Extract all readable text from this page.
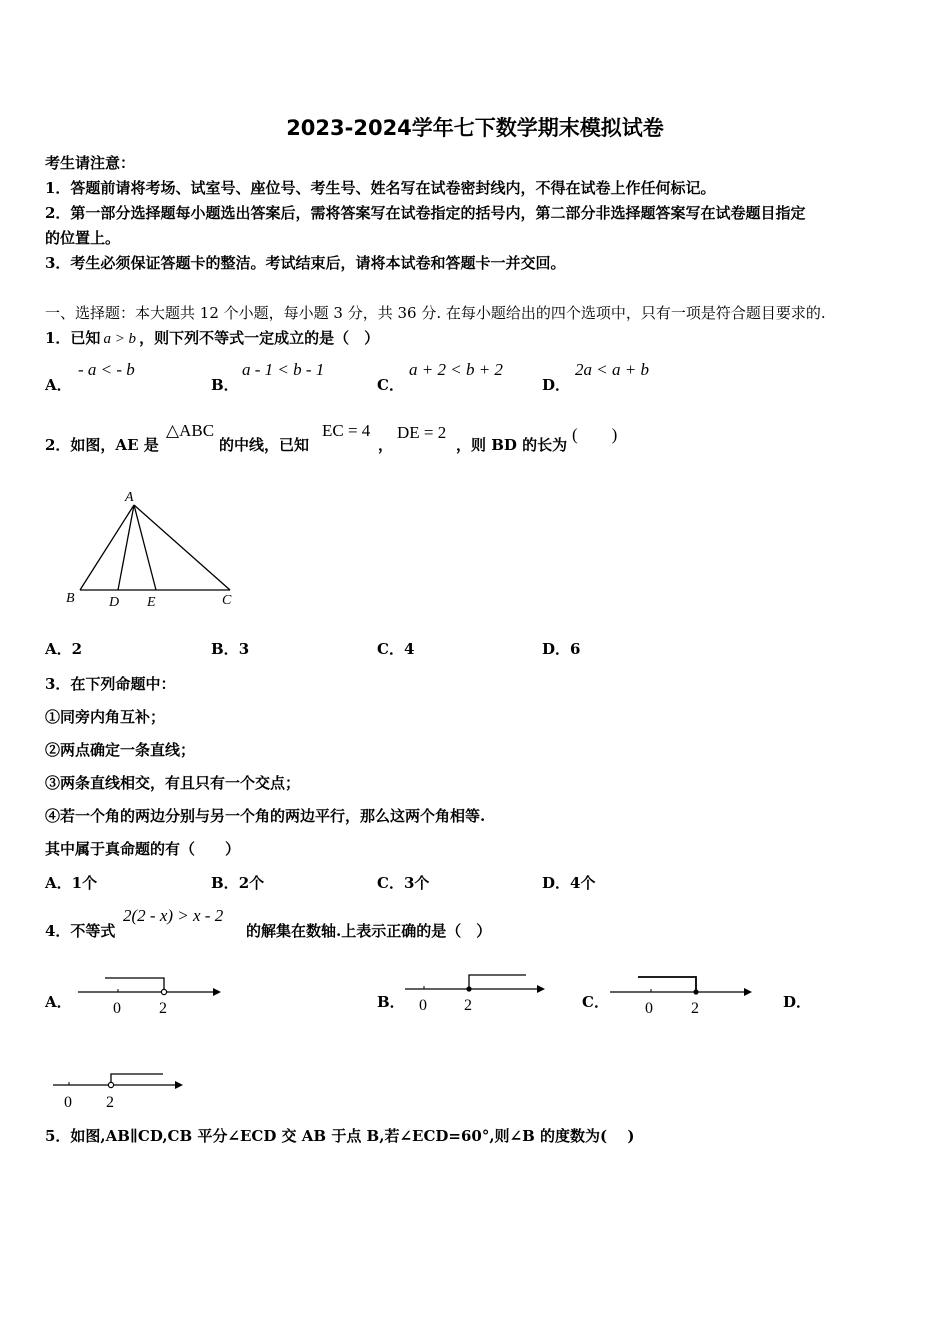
2023-2024学年七下数学期末模拟试卷
考生请注意：
1．答题前请将考场、试室号、座位号、考生号、姓名写在试卷密封线内，不得在试卷上作任何标记。
2．第一部分选择题每小题选出答案后，需将答案写在试卷指定的括号内，第二部分非选择题答案写在试卷题目指定
的位置上。
3．考生必须保证答题卡的整洁。考试结束后，请将本试卷和答题卡一并交回。
一、选择题：本大题共 12 个小题，每小题 3 分，共 36 分. 在每小题给出的四个选项中，只有一项是符合题目要求的.
1．已知 a > b ，则下列不等式一定成立的是（　）
A．
- a < - b
B．
a - 1 < b - 1
C．
a + 2 < b + 2
D．
2a < a + b
2．如图，AE 是
△ABC
的中线，已知
EC = 4
，
DE = 2
，则 BD 的长为
(　　)
A
B D E	C
A．2	B．3	C．4	D．6
3．在下列命题中：
①同旁内角互补；
②两点确定一条直线；
③两条直线相交，有且只有一个交点；
④若一个角的两边分别与另一个角的两边平行，那么这两个角相等.
其中属于真命题的有（　　）
A．1个	B．2个	C．3个	D．4个
4．不等式
2(2 - x) > x - 2
的解集在数轴.上表示正确的是（　）
A．	B．	C．	D．
0 2	0 2	0 2
0 2
5．如图,AB∥CD,CB 平分∠ECD 交 AB 于点 B,若∠ECD=60°,则∠B 的度数为(　 )
